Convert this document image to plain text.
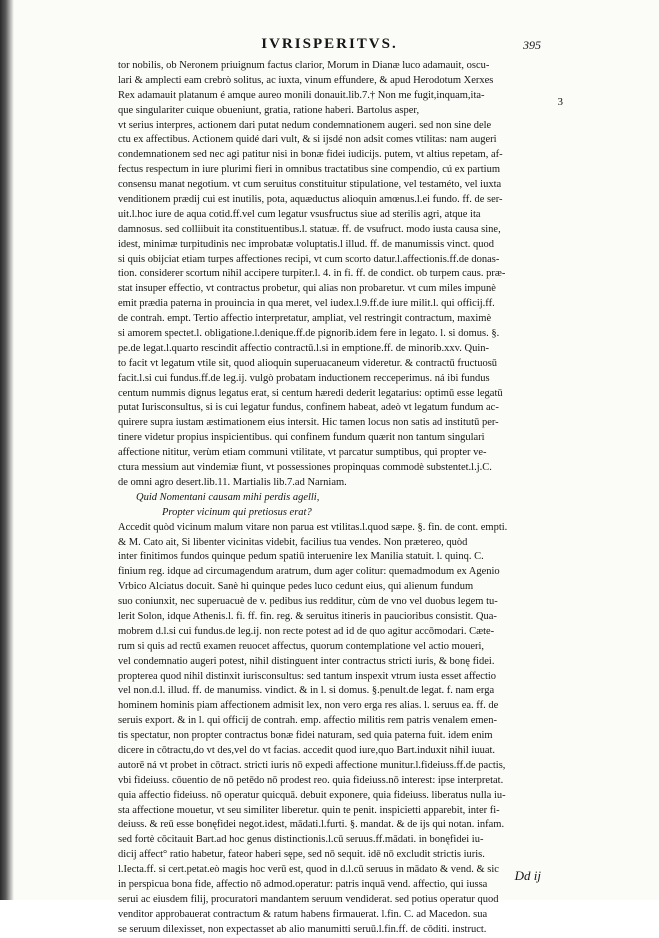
IVRISPERITVS.	395
3
tor nobilis, ob Neronem priuignum factus clarior, Morum in Dianæ luco adamauit, oscu-
lari & amplecti eam crebrò solitus, ac iuxta, vinum effundere, & apud Herodotum Xerxes
Rex adamauit platanum é amque aureo monili donauit.lib.7.† Non me fugit,inquam,ita-
que singulariter cuique obueniunt, gratia, ratione haberi. Bartolus asper,
vt serius interpres, actionem dari putat nedum condemnationem augeri. sed non sine dele
ctu ex affectibus. Actionem quidé dari vult, & si ijsdé non adsit comes vtilitas: nam augeri
condemnationem sed nec agi patitur nisi in bonæ fidei iudicijs. putem, vt altius repetam, af-
fectus respectum in iure plurimi fieri in omnibus tractatibus sine compendio, cú ex partium
consensu manat negotium. vt cum seruitus constituitur stipulatione, vel testaméto, vel iuxta
venditionem prædij cui est inutilis, pota, aquæductus alioquin amœnus.l.ei fundo. ff. de ser-
uit.l.hoc iure de aqua cotid.ff.vel cum legatur vsusfructus siue ad sterilis agri, atque ita
damnosus. sed colliibuit ita constituentibus.l. statuæ. ff. de vsufruct. modo iusta causa sine,
idest, minimæ turpitudinis nec improbatæ voluptatis.l illud. ff. de manumissis vinct. quod
si quis obijciat etiam turpes affectiones recipi, vt cum scorto datur.l.affectionis.ff.de donas-
tion. considerer scortum nihil accipere turpiter.l. 4. in fi. ff. de condict. ob turpem caus. præ-
stat insuper effectio, vt contractus probetur, qui alias non probaretur. vt cum miles impunè
emit prædia paterna in prouincia in qua meret, vel iudex.l.9.ff.de iure milit.l. qui officij.ff.
de contrah. empt. Tertio affectio interpretatur, ampliat, vel restringit contractum, maximè
si amorem spectet.l. obligatione.l.denique.ff.de pignorib.idem fere in legato. l. si domus. §.
pe.de legat.l.quarto rescindit affectio contractū.l.si in emptione.ff. de minorib.xxv. Quin-
to facit vt legatum vtile sit, quod alioquin superuacaneum videretur. & contractū fructuosū
facit.l.si cui fundus.ff.de leg.ij. vulgò probatam inductionem recceperimus. ná ibi fundus
centum nummis dignus legatus erat, si centum hæredi dederit legatarius: optimū esse legatū
putat Iurisconsultus, si is cui legatur fundus, confinem habeat, adeò vt legatum fundum ac-
quirere supra iustam æstimationem eius intersit. Hic tamen locus non satis ad institutū per-
tinere videtur propius inspicientibus. qui confinem fundum quærit non tantum singulari
affectione nititur, verùm etiam communi vtilitate, vt parcatur sumptibus, qui propter ve-
ctura messium aut vindemiæ fiunt, vt possessiones propinquas commodè substentet.l.j.C.
de omni agro desert.lib.11. Martialis lib.7.ad Narniam.
Quid Nomentani causam mihi perdis agelli,
Propter vicinum qui pretiosus erat?
Accedit quòd vicinum malum vitare non parua est vtilitas.l.quod sæpe. §. fin. de cont. empti.
& M. Cato ait, Si libenter vicinitas videbit, facilius tua vendes. Non prætereo, quòd
inter finitimos fundos quinque pedum spatiū interuenire lex Manilia statuit. l. quinq. C.
finium reg. idque ad circumagendum aratrum, dum ager colitur: quemadmodum ex Agenio
Vrbico Alciatus docuit. Sanè hi quinque pedes luco cedunt eius, qui alienum fundum
suo coniunxit, nec superuacuè de v. pedibus ius redditur, cùm de vno vel duobus legem tu-
lerit Solon, idque Athenis.l. fi. ff. fin. reg. & seruitus itineris in paucioribus consistit. Qua-
mobrem d.l.si cui fundus.de leg.ij. non recte potest ad id de quo agitur accōmodari. Cæte-
rum si quis ad rectū examen reuocet affectus, quorum contemplatione vel actio moueri,
vel condemnatio augeri potest, nihil distinguent inter contractus stricti iuris, & bonę fidei.
propterea quod nihil distinxit iurisconsultus: sed tantum inspexit vtrum iusta esset affectio
vel non.d.l. illud. ff. de manumiss. vindict. & in l. si domus. §.penult.de legat. f. nam erga
hominem hominis piam affectionem admisit lex, non vero erga res alias. l. seruus ea. ff. de
seruis export. & in l. qui officij de contrah. emp. affectio militis rem patris venalem emen-
tis spectatur, non propter contractus bonæ fidei naturam, sed quia paterna fuit. idem enim
dicere in cōtractu,do vt des,vel do vt facias. accedit quod iure,quo Bart.induxit nihil iuuat.
autorē ná vt probet in cōtract. stricti iuris nō expedi affectione munitur.l.fideiuss.ff.de pactis,
vbi fideiuss. cōuentio de nō petēdo nō prodest reo. quia fideiuss.nō interest: ipse interpretat.
quia affectio fideiuss. nō operatur quicquā. debuit exponere, quia fideiuss. liberatus nulla iu-
sta affectione mouetur, vt seu similiter liberetur. quin te penit. inspicietti apparebit, inter fi-
deiuss. & reū esse bonęfidei negot.idest, mādati.l.furti. §. mandat. & de ijs qui notan. infam.
sed fortè cōcitauit Bart.ad hoc genus distinctionis.l.cū seruus.ff.mādati. in bonęfidei iu-
dicij affect° ratio habetur, fateor haberi sępe, sed nō sequit. idē nō excludit strictis iuris.
l.Iecta.ff. si cert.petat.eò magis hoc verū est, quod in d.l.cū seruus in mādato & vend. & sic
in perspicua bona fide, affectio nō admod.operatur: patris inquā vend. affectio, qui iussa
serui ac eiusdem filij, procuratori mandantem seruum vendiderat. sed potius operatur quod
venditor approbauerat contractum & ratum habens firmauerat. l.fin. C. ad Macedon. sua
se seruum dilexisset, non expectasset ab alio manumitti seruū.l.fin.ff. de cōditi. instruct.
Dd ij
